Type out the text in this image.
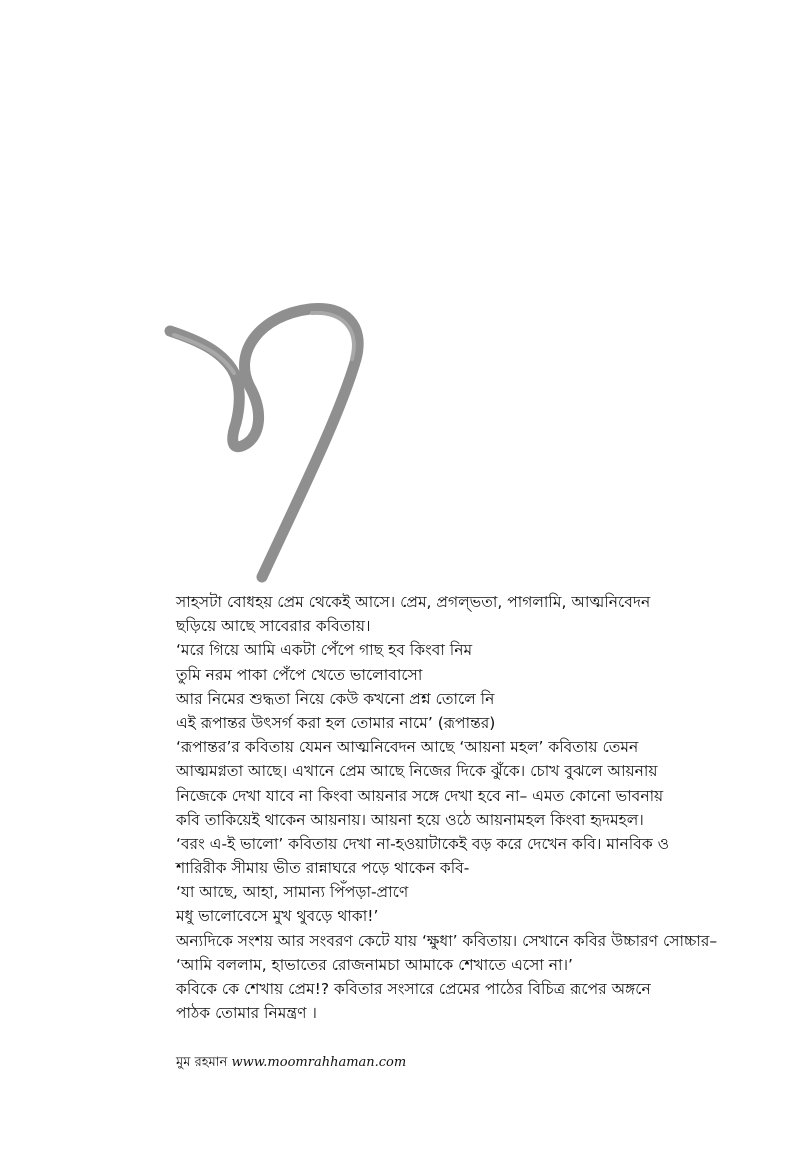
সাহসটা বোধহয় প্রেম থেকেই আসে। প্রেম, প্রগল্‌ভতা, পাগলামি, আত্মনিবেদন
ছড়িয়ে আছে সাবেরার কবিতায়।
‘মরে গিয়ে আমি একটা পেঁপে গাছ হব কিংবা নিম
তুমি নরম পাকা পেঁপে খেতে ভালোবাসো
আর নিমের শুদ্ধতা নিয়ে কেউ কখনো প্রশ্ন তোলে নি
এই রূপান্তর উৎসর্গ করা হল তোমার নামে’ (রূপান্তর)
‘রূপান্তর’র কবিতায় যেমন আত্মনিবেদন আছে ‘আয়না মহল’ কবিতায় তেমন
আত্মমগ্নতা আছে। এখানে প্রেম আছে নিজের দিকে ঝুঁকে। চোখ বুঝলে আয়নায়
নিজেকে দেখা যাবে না কিংবা আয়নার সঙ্গে দেখা হবে না– এমত কোনো ভাবনায়
কবি তাকিয়েই থাকেন আয়নায়। আয়না হয়ে ওঠে আয়নামহল কিংবা হৃদমহল।
‘বরং এ-ই ভালো’ কবিতায় দেখা না-হওয়াটাকেই বড় করে দেখেন কবি। মানবিক ও
শারিরীক সীমায় ভীত রান্নাঘরে পড়ে থাকেন কবি-
‘যা আছে, আহা, সামান্য পিঁপড়া-প্রাণে
মধু ভালোবেসে মুখ থুবড়ে থাকা!’
অন্যদিকে সংশয় আর সংবরণ কেটে যায় ‘ক্ষুধা’ কবিতায়। সেখানে কবির উচ্চারণ সোচ্চার–
‘আমি বললাম, হাভাতের রোজনামচা আমাকে শেখাতে এসো না।’
কবিকে কে শেখায় প্রেম!? কবিতার সংসারে প্রেমের পাঠের বিচিত্র রূপের অঙ্গনে
পাঠক তোমার নিমন্ত্রণ ।
মুম রহমান www.moomrahhaman.com
